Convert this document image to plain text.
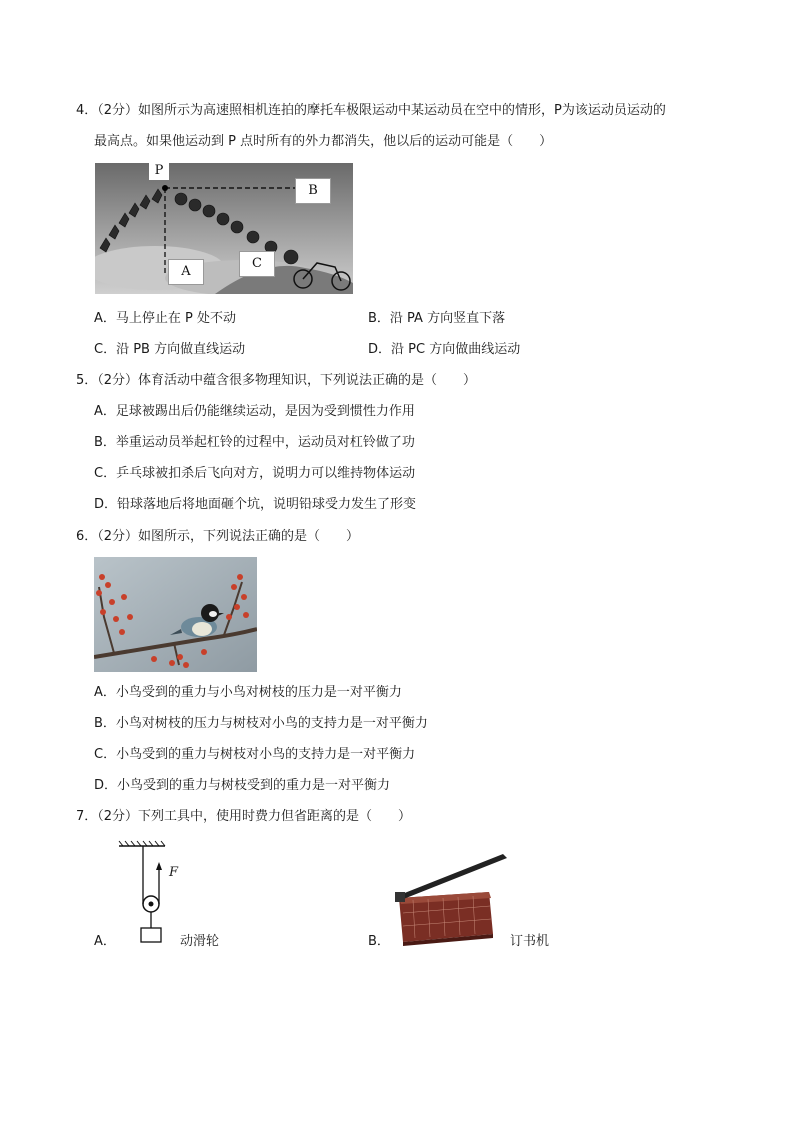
4．（2分）如图所示为高速照相机连拍的摩托车极限运动中某运动员在空中的情形，P为该运动员运动的
最高点。如果他运动到 P 点时所有的外力都消失，他以后的运动可能是（　　）
P
B
A
C
A．马上停止在 P 处不动	B．沿 PA 方向竖直下落
C．沿 PB 方向做直线运动	D．沿 PC 方向做曲线运动
5．（2分）体育活动中蕴含很多物理知识，下列说法正确的是（　　）
A．足球被踢出后仍能继续运动，是因为受到惯性力作用
B．举重运动员举起杠铃的过程中，运动员对杠铃做了功
C．乒乓球被扣杀后飞向对方，说明力可以维持物体运动
D．铅球落地后将地面砸个坑，说明铅球受力发生了形变
6．（2分）如图所示，下列说法正确的是（　　）
A．小鸟受到的重力与小鸟对树枝的压力是一对平衡力
B．小鸟对树枝的压力与树枝对小鸟的支持力是一对平衡力
C．小鸟受到的重力与树枝对小鸟的支持力是一对平衡力
D．小鸟受到的重力与树枝受到的重力是一对平衡力
7．（2分）下列工具中，使用时费力但省距离的是（　　）
A．
F
动滑轮	B．	订书机
